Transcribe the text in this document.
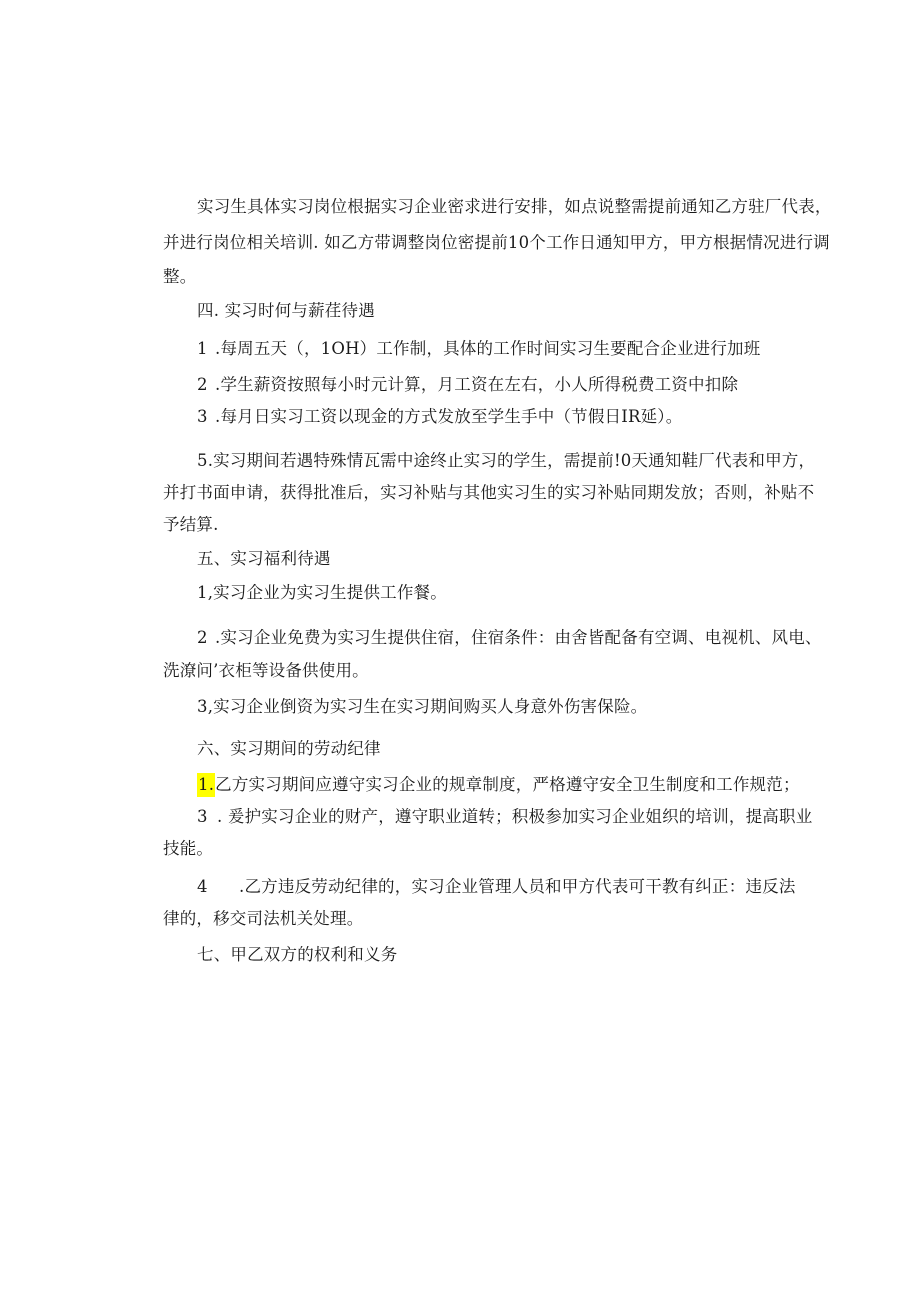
实习生具体实习岗位根据实习企业密求进行安排，如点说整需提前通知乙方驻厂代表，
并进行岗位相关培训. 如乙方带调整岗位密提前10个工作日通知甲方，甲方根据情况进行调
整。
四. 实习时何与薪荏待遇
1 .每周五天（，1OH）工作制，具体的工作时间实习生要配合企业进行加班
2 .学生薪资按照每小时元计算，月工资在左右，小人所得税费工资中扣除
3 .每月日实习工资以现金的方式发放至学生手中（节假日IR延）。
5.实习期间若遇特殊情瓦需中途终止实习的学生，需提前!0天通知鞋厂代表和甲方，
并打书面申请，获得批准后，实习补贴与其他实习生的实习补贴同期发放；否则，补贴不
予结算.
五、实习福利待遇
1,实习企业为实习生提供工作餐。
2 .实习企业免费为实习生提供住宿，住宿条件：由舍皆配备有空调、电视机、风电、
洗潦问’衣柜等设备供使用。
3,实习企业倒资为实习生在实习期间购买人身意外伤害保险。
六、实习期间的劳动纪律
1.乙方实习期间应遵守实习企业的规章制度，严格遵守安全卫生制度和工作规范；
3 . 爰护实习企业的财产，遵守职业道转；积极参加实习企业姐织的培训，提高职业
技能。
4 .乙方违反劳动纪律的，实习企业管理人员和甲方代表可干教有纠正：违反法
律的，移交司法机关处理。
七、甲乙双方的权利和义务
